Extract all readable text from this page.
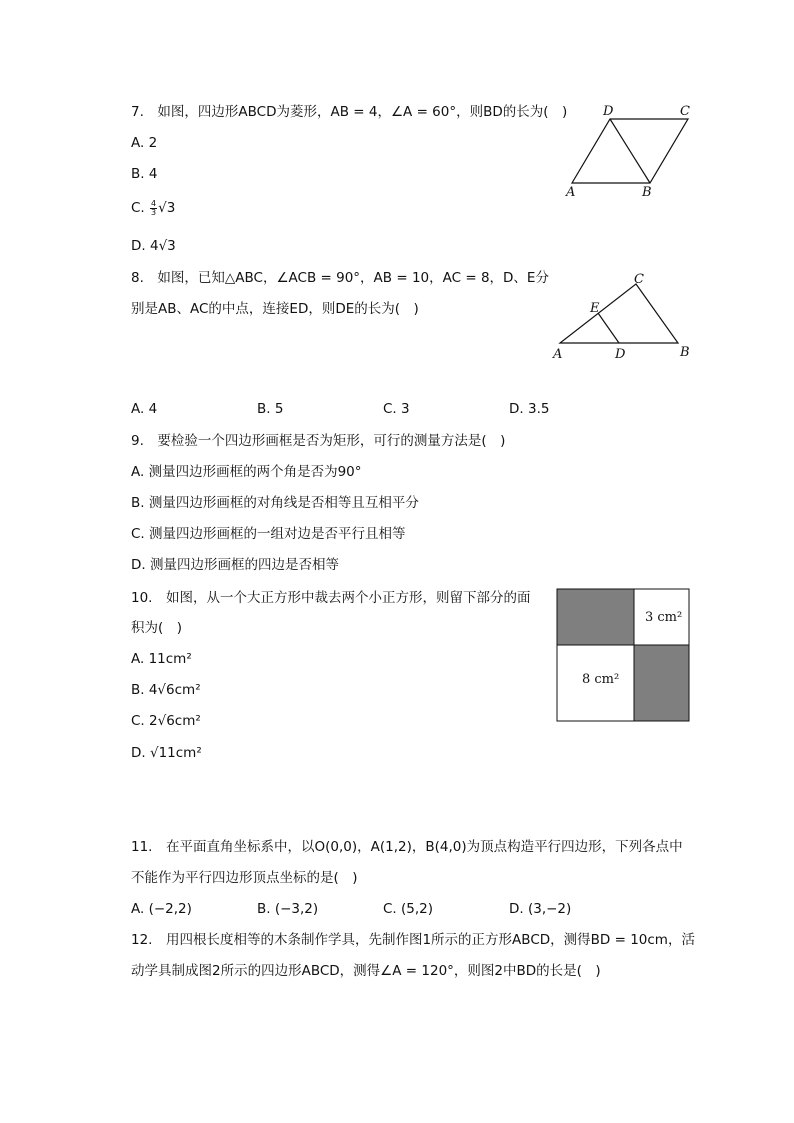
7.　如图，四边形ABCD为菱形，AB = 4，∠A = 60°，则BD的长为(　)
A. 2
B. 4
C. $\frac{4}{3} √3$
D. 4√3
D	C
A	B
8.　如图，已知△ABC，∠ACB = 90°，AB = 10，AC = 8，D、E分
别是AB、AC的中点，连接ED，则DE的长为(　)
C
E
A	D	B
A. 4	B. 5	C. 3	D. 3.5
9.　要检验一个四边形画框是否为矩形，可行的测量方法是(　)
A. 测量四边形画框的两个角是否为90°
B. 测量四边形画框的对角线是否相等且互相平分
C. 测量四边形画框的一组对边是否平行且相等
D. 测量四边形画框的四边是否相等
10.　如图，从一个大正方形中裁去两个小正方形，则留下部分的面
积为(　)
A. 11cm²
B. 4√6cm²
C. 2√6cm²
D. √11cm²
3 cm²
8 cm²
11.　在平面直角坐标系中，以O(0,0)，A(1,2)，B(4,0)为顶点构造平行四边形，下列各点中
不能作为平行四边形顶点坐标的是(　)
A. (−2,2)	B. (−3,2)	C. (5,2)	D. (3,−2)
12.　用四根长度相等的木条制作学具，先制作图1所示的正方形ABCD，测得BD = 10cm，活
动学具制成图2所示的四边形ABCD，测得∠A = 120°，则图2中BD的长是(　)
